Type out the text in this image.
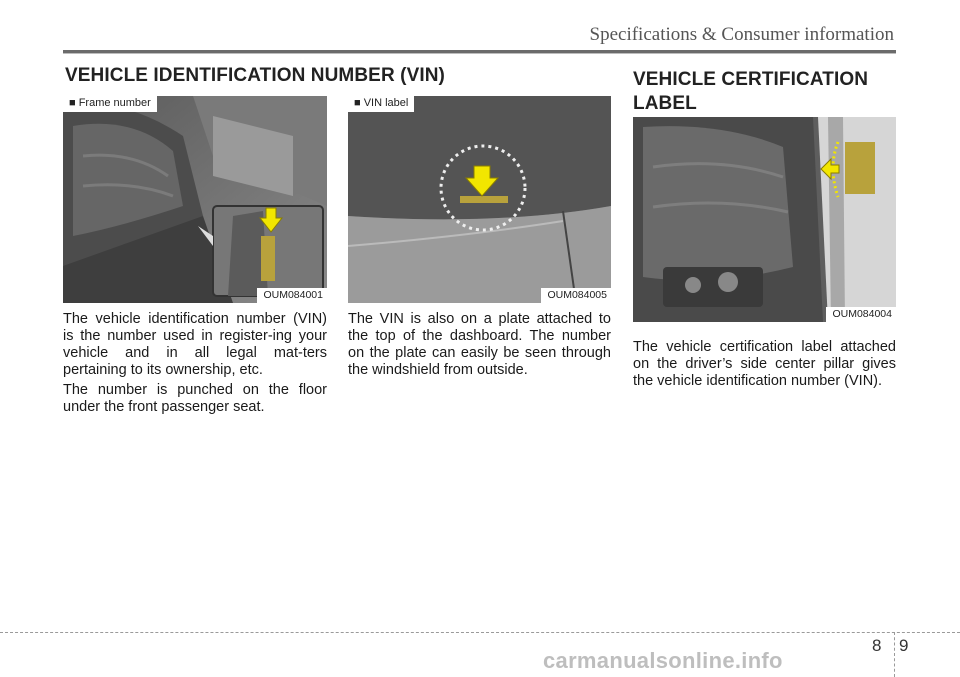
Specifications & Consumer information
VEHICLE IDENTIFICATION NUMBER (VIN)
■ Frame number
OUM084001
■ VIN label
OUM084005

The vehicle identification number (VIN) is the number used in register-ing your vehicle and in all legal mat-ters pertaining to its ownership, etc.

The number is punched on the floor under the front passenger seat.

The VIN is also on a plate attached to the top of the dashboard. The number on the plate can easily be seen through the windshield from outside.

VEHICLE CERTIFICATION
LABEL
OUM084004

The vehicle certification label attached on the driver’s side center pillar gives the vehicle identification number (VIN).

8 9
carmanualsonline.info
